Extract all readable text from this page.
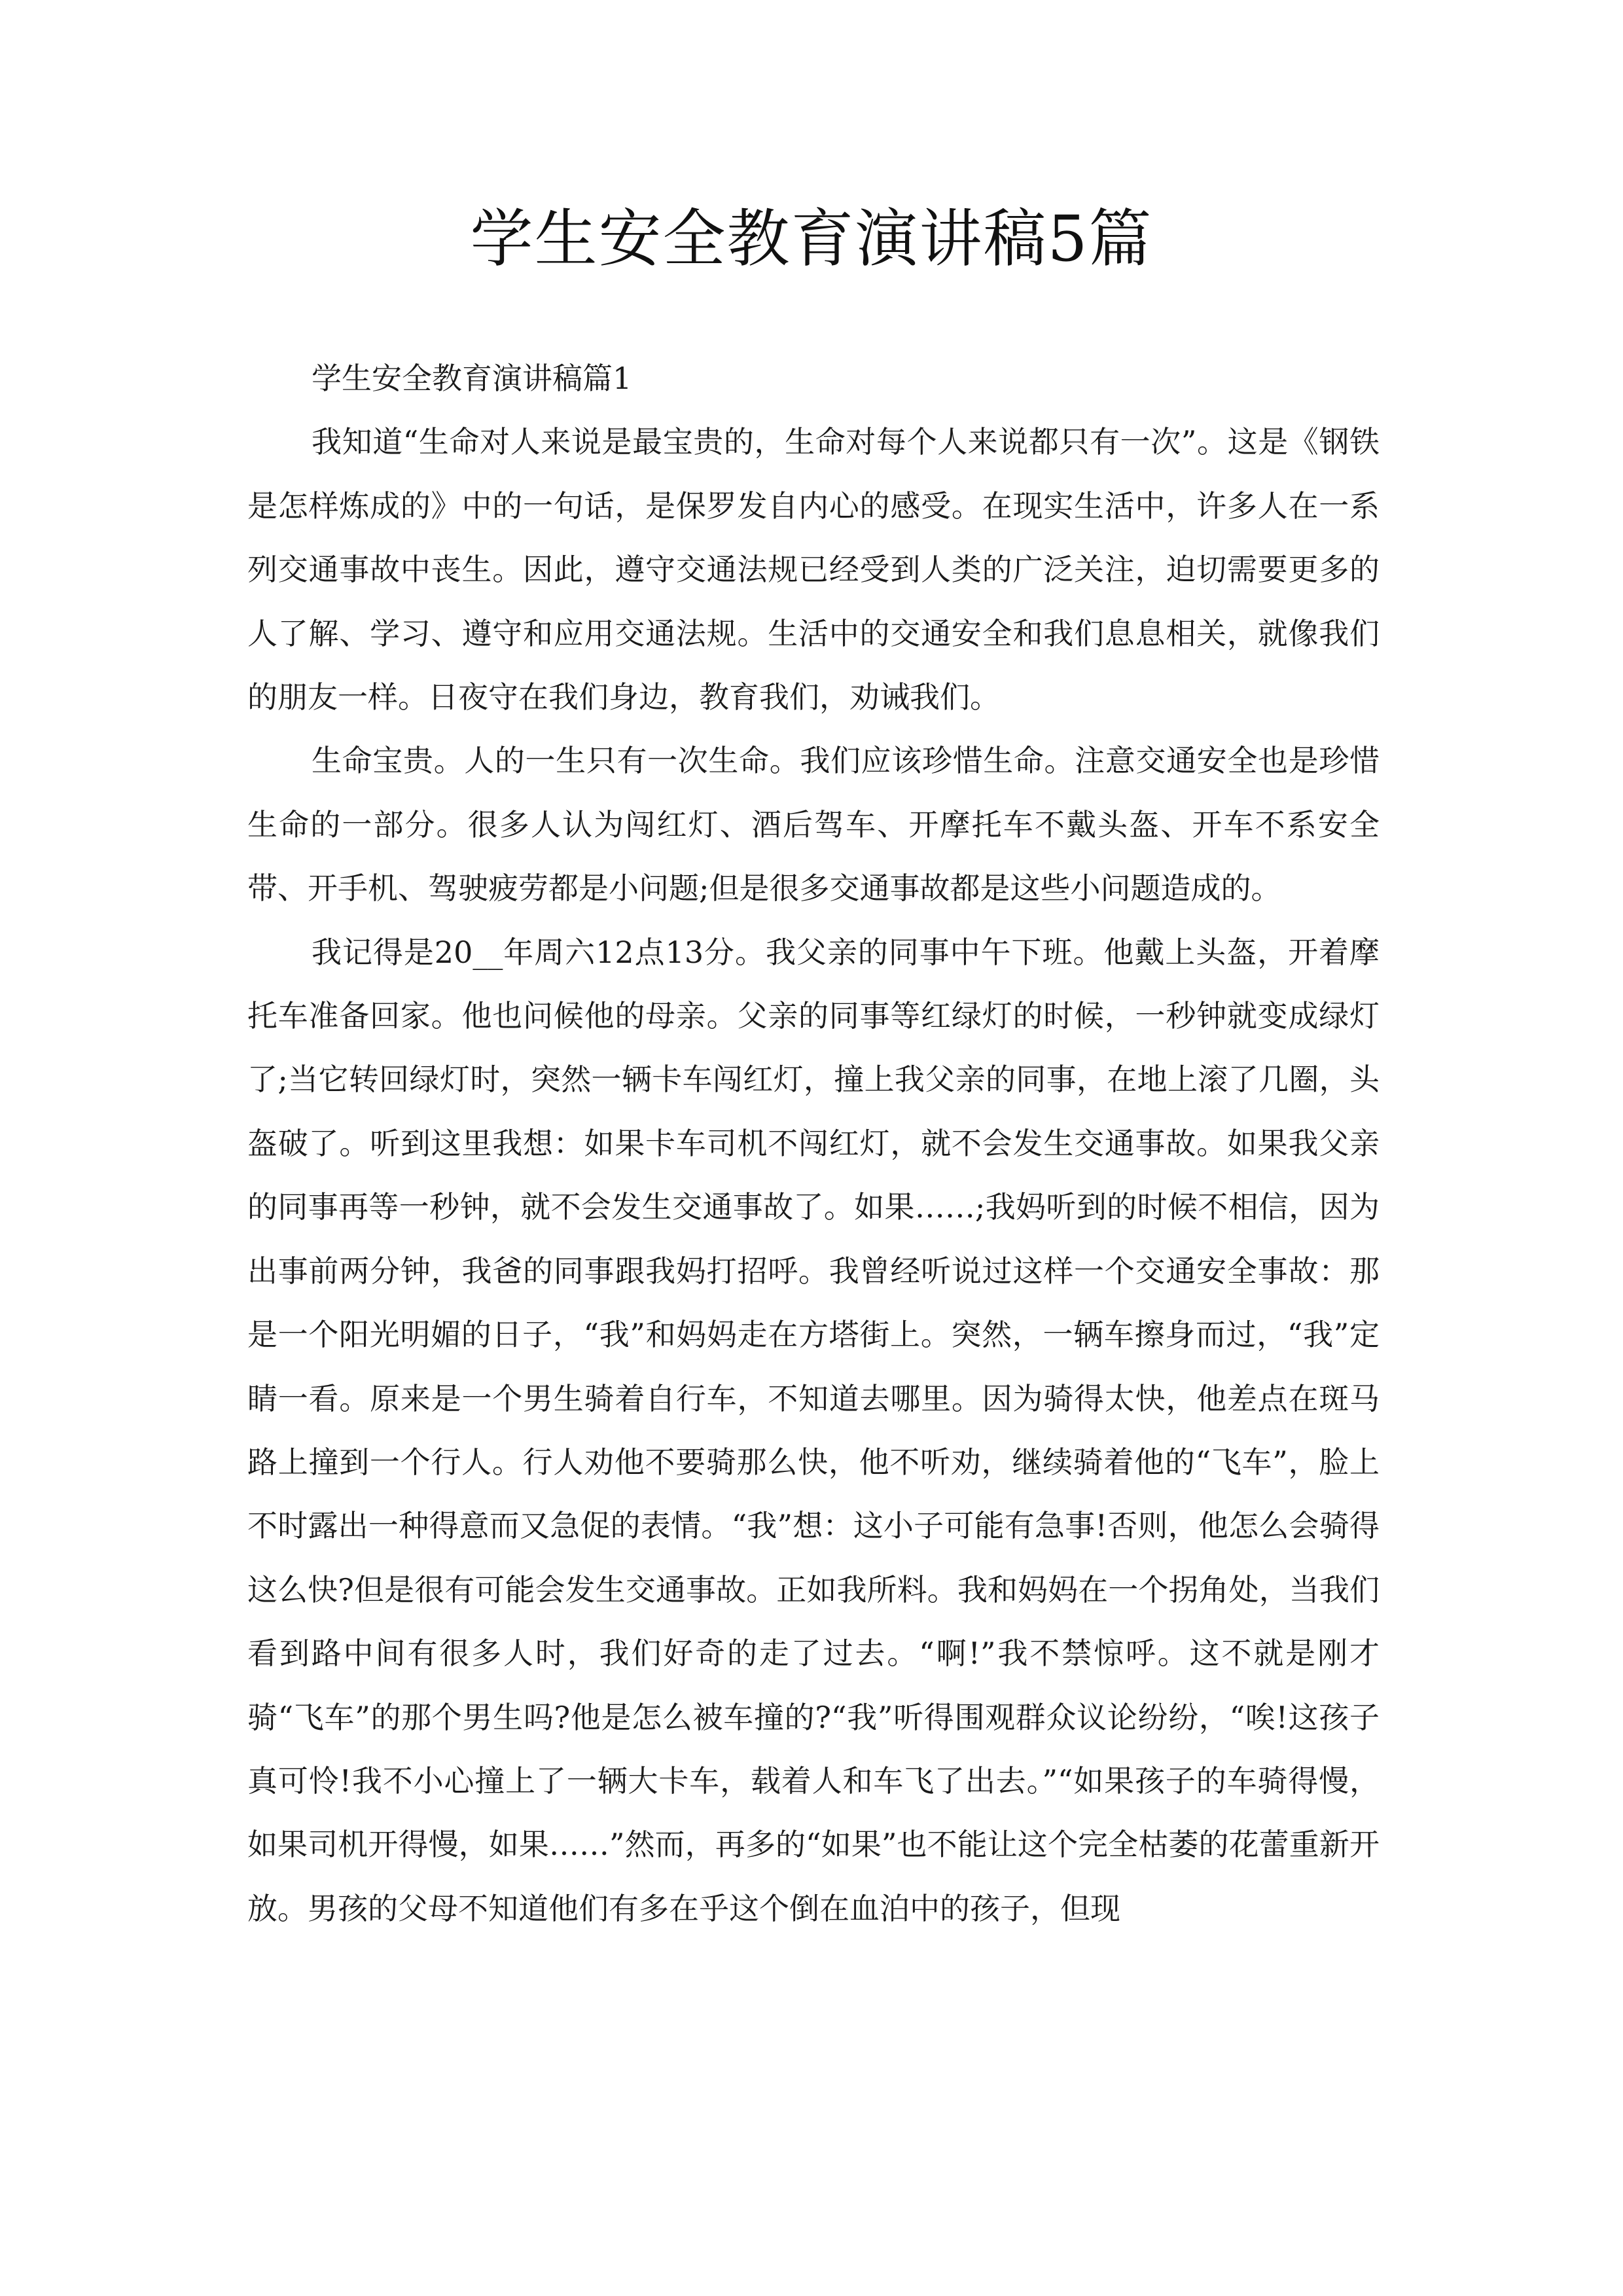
学生安全教育演讲稿5篇

学生安全教育演讲稿篇1

我知道“生命对人来说是最宝贵的，生命对每个人来说都只有一次”。这是《钢铁是怎样炼成的》中的一句话，是保罗发自内心的感受。在现实生活中，许多人在一系列交通事故中丧生。因此，遵守交通法规已经受到人类的广泛关注，迫切需要更多的人了解、学习、遵守和应用交通法规。生活中的交通安全和我们息息相关，就像我们的朋友一样。日夜守在我们身边，教育我们，劝诫我们。

生命宝贵。人的一生只有一次生命。我们应该珍惜生命。注意交通安全也是珍惜生命的一部分。很多人认为闯红灯、酒后驾车、开摩托车不戴头盔、开车不系安全带、开手机、驾驶疲劳都是小问题;但是很多交通事故都是这些小问题造成的。

我记得是20__年周六12点13分。我父亲的同事中午下班。他戴上头盔，开着摩托车准备回家。他也问候他的母亲。父亲的同事等红绿灯的时候，一秒钟就变成绿灯了;当它转回绿灯时，突然一辆卡车闯红灯，撞上我父亲的同事，在地上滚了几圈，头盔破了。听到这里我想：如果卡车司机不闯红灯，就不会发生交通事故。如果我父亲的同事再等一秒钟，就不会发生交通事故了。如果……;我妈听到的时候不相信，因为出事前两分钟，我爸的同事跟我妈打招呼。我曾经听说过这样一个交通安全事故：那是一个阳光明媚的日子，“我”和妈妈走在方塔街上。突然，一辆车擦身而过，“我”定睛一看。原来是一个男生骑着自行车，不知道去哪里。因为骑得太快，他差点在斑马路上撞到一个行人。行人劝他不要骑那么快，他不听劝，继续骑着他的“飞车”，脸上不时露出一种得意而又急促的表情。“我”想：这小子可能有急事!否则，他怎么会骑得这么快?但是很有可能会发生交通事故。正如我所料。我和妈妈在一个拐角处，当我们看到路中间有很多人时，我们好奇的走了过去。“啊!”我不禁惊呼。这不就是刚才骑“飞车”的那个男生吗?他是怎么被车撞的?“我”听得围观群众议论纷纷，“唉!这孩子真可怜!我不小心撞上了一辆大卡车，载着人和车飞了出去。”“如果孩子的车骑得慢，如果司机开得慢，如果……”然而，再多的“如果”也不能让这个完全枯萎的花蕾重新开放。男孩的父母不知道他们有多在乎这个倒在血泊中的孩子，但现
